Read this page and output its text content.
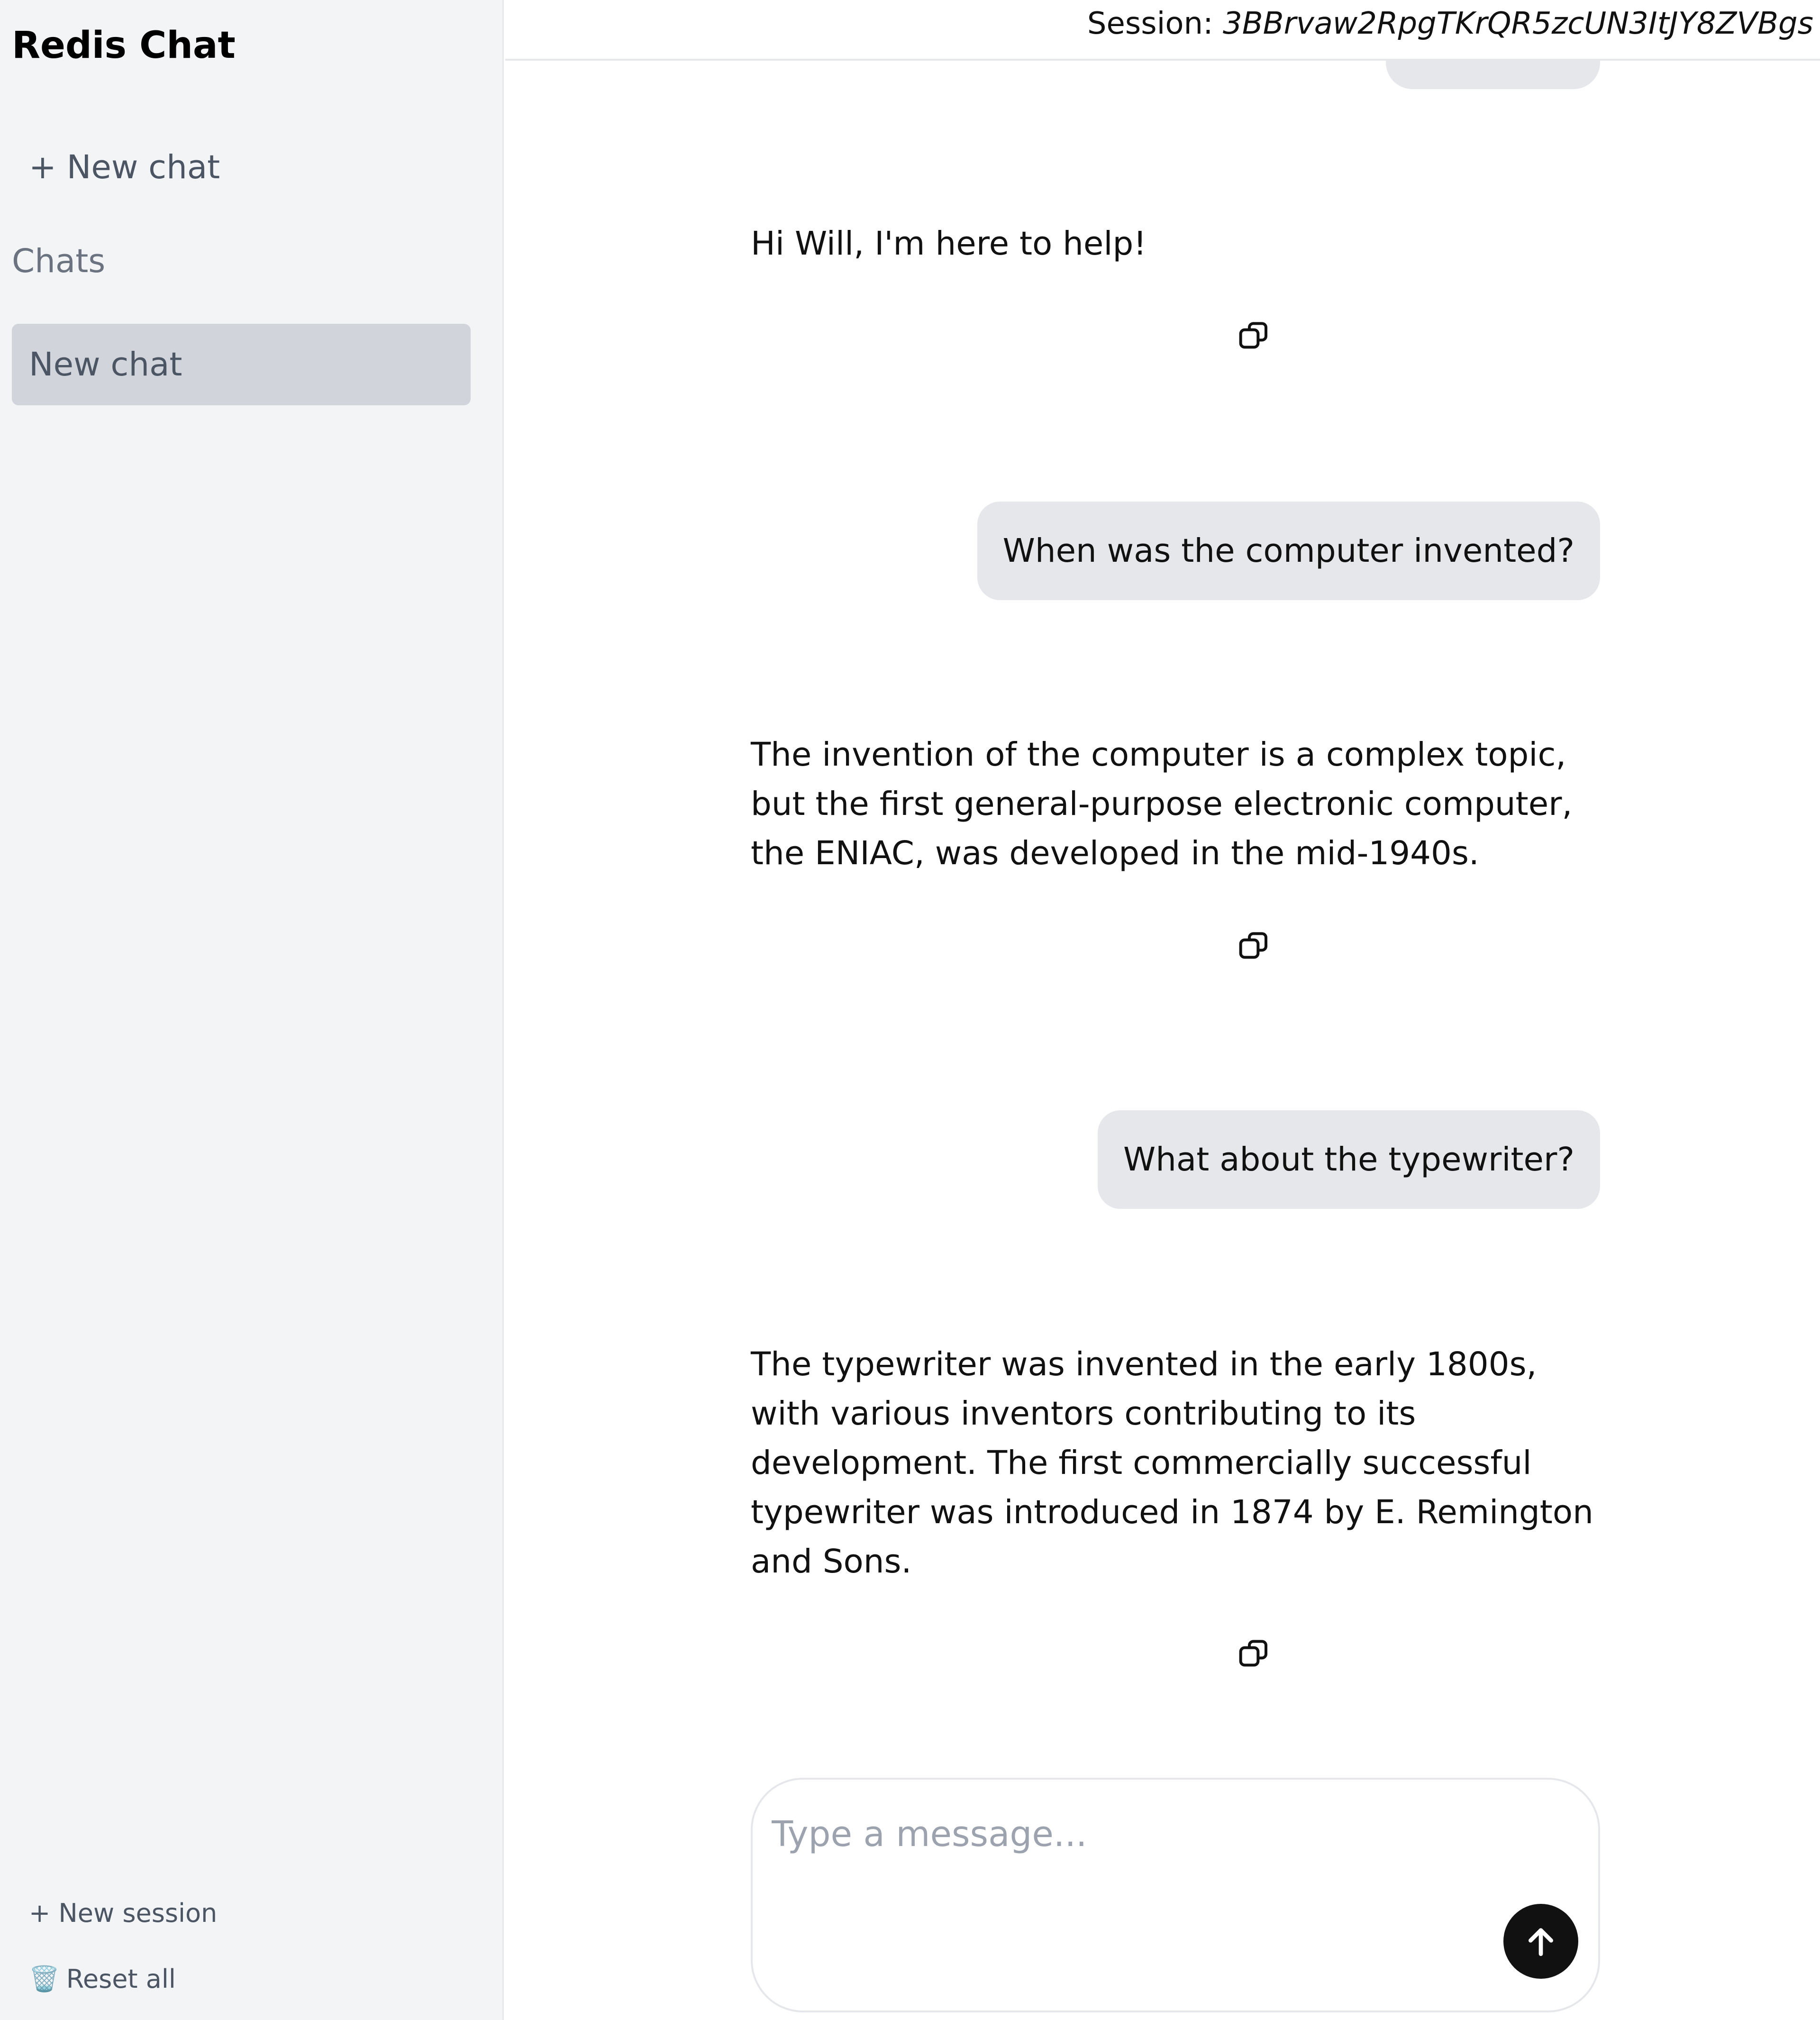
Redis Chat
+ New chat
Chats
New chat
+ New session
🗑️ Reset all
Session: 3BBrvaw2RpgTKrQR5zcUN3ItJY8ZVBgs
Hi Will, I'm here to help!
When was the computer invented?
The invention of the computer is a complex topic, but the first general-purpose electronic computer, the ENIAC, was developed in the mid-1940s.
What about the typewriter?
The typewriter was invented in the early 1800s, with various inventors contributing to its development. The first commercially successful typewriter was introduced in 1874 by E. Remington and Sons.
Type a message...
